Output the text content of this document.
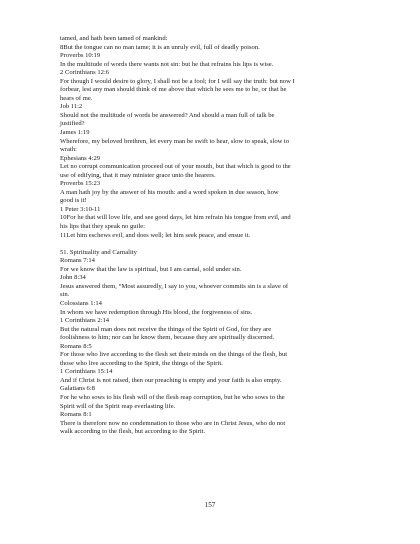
tamed, and hath been tamed of mankind:
8But the tongue can no man tame; it is an unruly evil, full of deadly poison.
Proverbs 10:19
In the multitude of words there wants not sin: but he that refrains his lips is wise.
2 Corinthians 12:6
For though I would desire to glory, I shall not be a fool; for I will say the truth: but now I
forbear, lest any man should think of me above that which he sees me to be, or that he
hears of me.
Job 11:2
Should not the multitude of words be answered? And should a man full of talk be
justified?
James 1:19
Wherefore, my beloved brethren, let every man be swift to hear, slow to speak, slow to
wrath:
Ephesians 4:29
Let no corrupt communication proceed out of your mouth, but that which is good to the
use of edifying, that it may minister grace unto the hearers.
Proverbs 15:23
A man hath joy by the answer of his mouth: and a word spoken in due season, how
good is it!
1 Peter 3:10-11
10For he that will love life, and see good days, let him refrain his tongue from evil, and
his lips that they speak no guile:
11Let him eschews evil, and does well; let him seek peace, and ensue it.
51. Spirituality and Carnality
Romans 7:14
For we know that the law is spiritual, but I am carnal, sold under sin.
John 8:34
Jesus answered them, “Most assuredly, I say to you, whoever commits sin is a slave of
sin.
Colossians 1:14
In whom we have redemption through His blood, the forgiveness of sins.
1 Corinthians 2:14
But the natural man does not receive the things of the Spirit of God, for they are
foolishness to him; nor can he know them, because they are spiritually discerned.
Romans 8:5
For those who live according to the flesh set their minds on the things of the flesh, but
those who live according to the Spirit, the things of the Spirit.
1 Corinthians 15:14
And if Christ is not raised, then our preaching is empty and your faith is also empty.
Galatians 6:8
For he who sows to his flesh will of the flesh reap corruption, but he who sows to the
Spirit will of the Spirit reap everlasting life.
Romans 8:1
There is therefore now no condemnation to those who are in Christ Jesus, who do not
walk according to the flesh, but according to the Spirit.
157
